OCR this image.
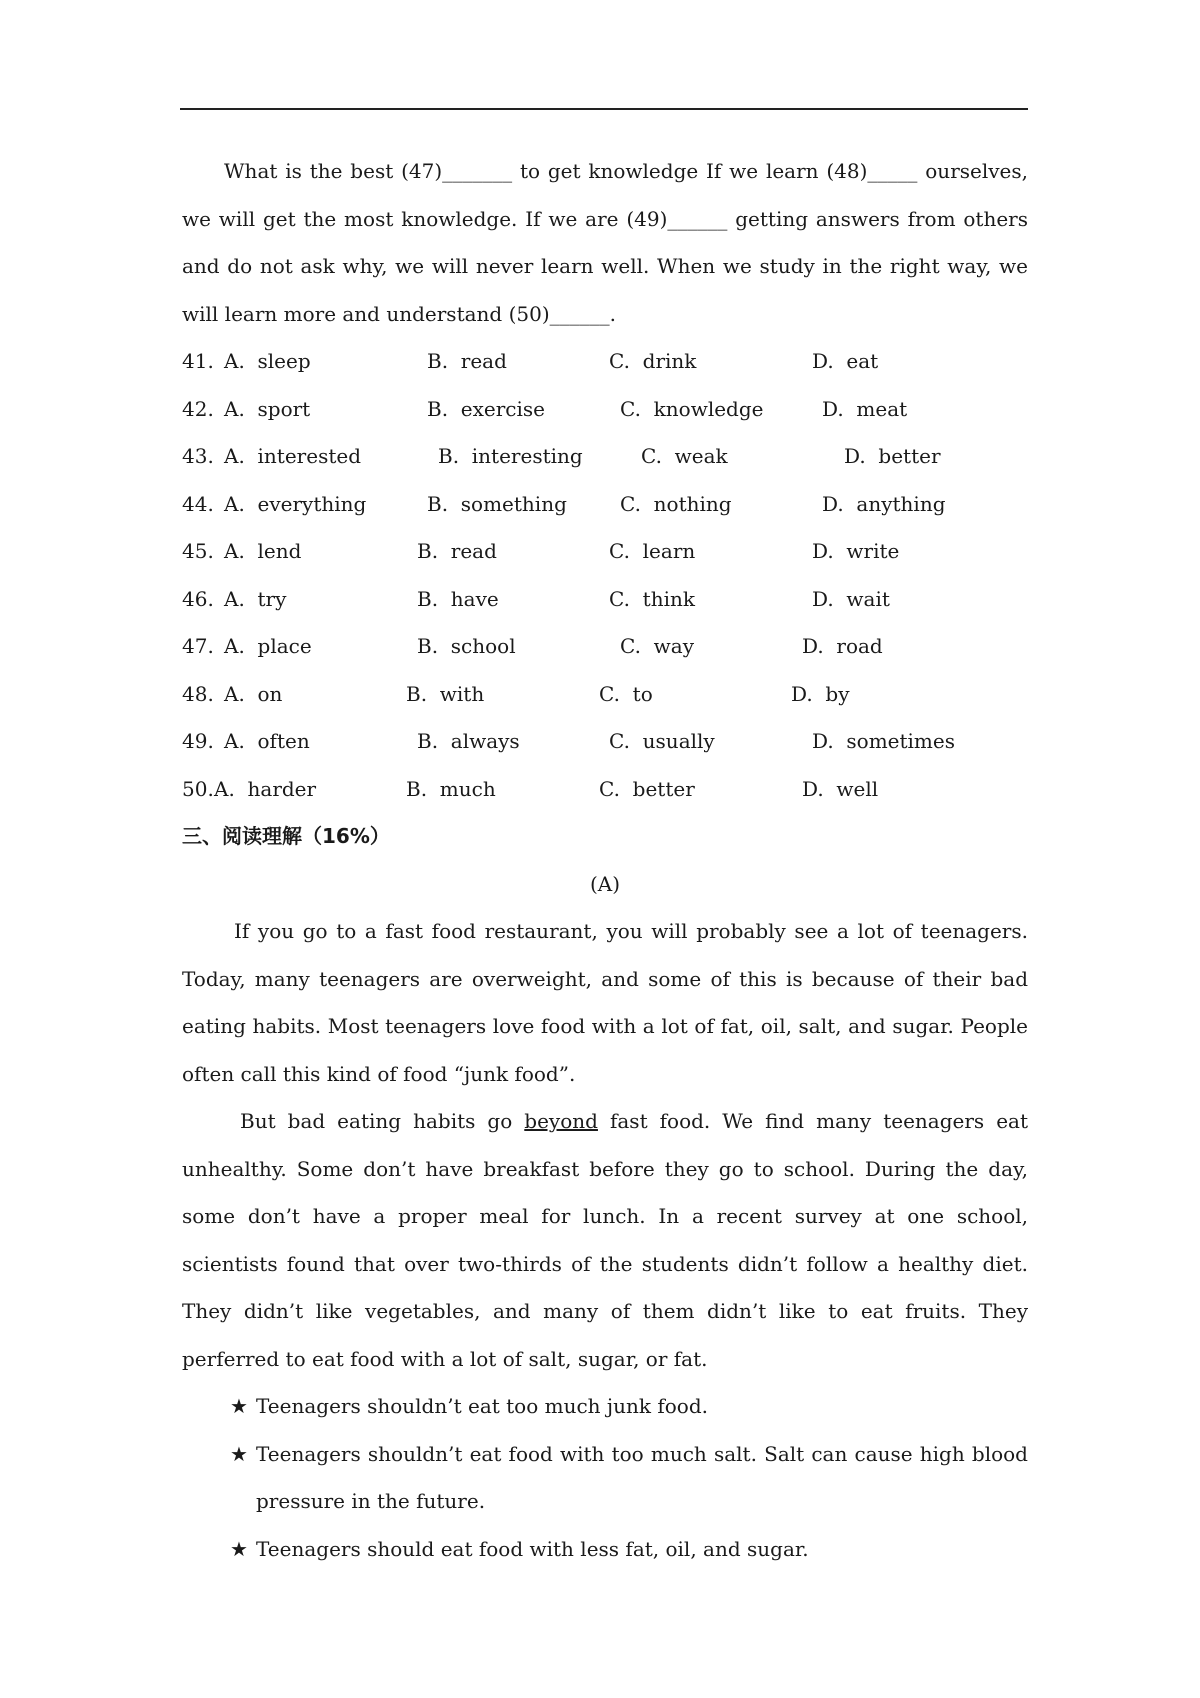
What is the best (47)_______ to get knowledge If we learn (48)_____ ourselves, we will get the most knowledge. If we are (49)______ getting answers from others and do not ask why, we will never learn well. When we study in the right way, we will learn more and understand (50)______.

41. A.  sleep	B.  read	C.  drink	D.  eat
42. A.  sport	B.  exercise	C.  knowledge	D.  meat
43. A.  interested	B.  interesting	C.  weak	D.  better
44. A.  everything	B.  something	C.  nothing	D.  anything
45. A.  lend	B.  read	C.  learn	D.  write
46. A.  try	B.  have	C.  think	D.  wait
47. A.  place	B.  school	C.  way	D.  road
48. A.  on	B.  with	C.  to	D.  by
49. A.  often	B.  always	C.  usually	D.  sometimes
50. A.  harder	B.  much	C.  better	D.  well
三、阅读理解（16%）
(A)

If you go to a fast food restaurant, you will probably see a lot of teenagers. Today, many teenagers are overweight, and some of this is because of their bad eating habits. Most teenagers love food with a lot of fat, oil, salt, and sugar. People often call this kind of food “junk food”.

But bad eating habits go beyond fast food. We find many teenagers eat unhealthy. Some don’t have breakfast before they go to school. During the day, some don’t have a proper meal for lunch. In a recent survey at one school, scientists found that over two-thirds of the students didn’t follow a healthy diet. They didn’t like vegetables, and many of them didn’t like to eat fruits. They perferred to eat food with a lot of salt, sugar, or fat.

★ Teenagers shouldn’t eat too much junk food.
★ Teenagers shouldn’t eat food with too much salt. Salt can cause high blood pressure in the future.
★ Teenagers should eat food with less fat, oil, and sugar.
